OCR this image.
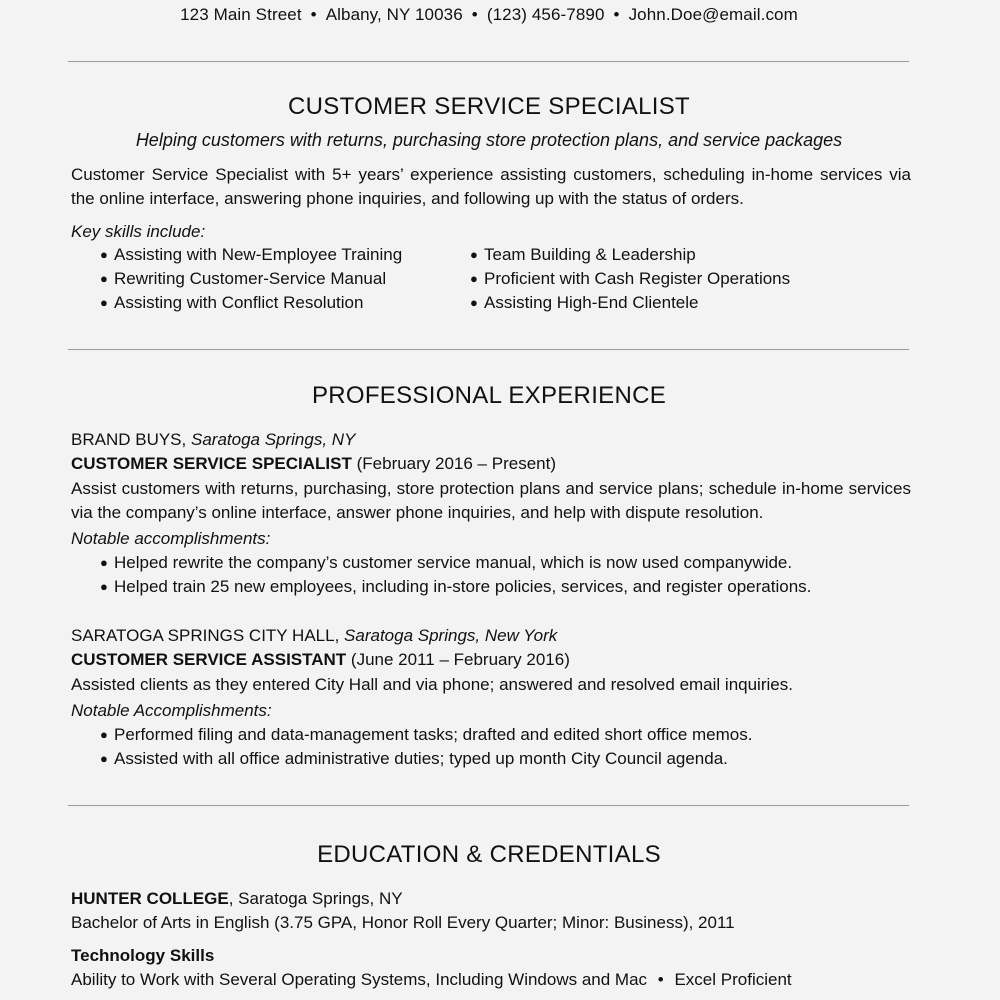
123 Main Street • Albany, NY 10036 • (123) 456-7890 • John.Doe@email.com
CUSTOMER SERVICE SPECIALIST
Helping customers with returns, purchasing store protection plans, and service packages
Customer Service Specialist with 5+ years’ experience assisting customers, scheduling in-home services via the online interface, answering phone inquiries, and following up with the status of orders.
Key skills include:
● Assisting with New-Employee Training
● Rewriting Customer-Service Manual
● Assisting with Conflict Resolution
● Team Building & Leadership
● Proficient with Cash Register Operations
● Assisting High-End Clientele
PROFESSIONAL EXPERIENCE
BRAND BUYS, Saratoga Springs, NY
CUSTOMER SERVICE SPECIALIST (February 2016 – Present)
Assist customers with returns, purchasing, store protection plans and service plans; schedule in-home services via the company’s online interface, answer phone inquiries, and help with dispute resolution.
Notable accomplishments:
● Helped rewrite the company’s customer service manual, which is now used companywide.
● Helped train 25 new employees, including in-store policies, services, and register operations.
SARATOGA SPRINGS CITY HALL, Saratoga Springs, New York
CUSTOMER SERVICE ASSISTANT (June 2011 – February 2016)
Assisted clients as they entered City Hall and via phone; answered and resolved email inquiries.
Notable Accomplishments:
● Performed filing and data-management tasks; drafted and edited short office memos.
● Assisted with all office administrative duties; typed up month City Council agenda.
EDUCATION & CREDENTIALS
HUNTER COLLEGE, Saratoga Springs, NY
Bachelor of Arts in English (3.75 GPA, Honor Roll Every Quarter; Minor: Business), 2011
Technology Skills
Ability to Work with Several Operating Systems, Including Windows and Mac • Excel Proficient
